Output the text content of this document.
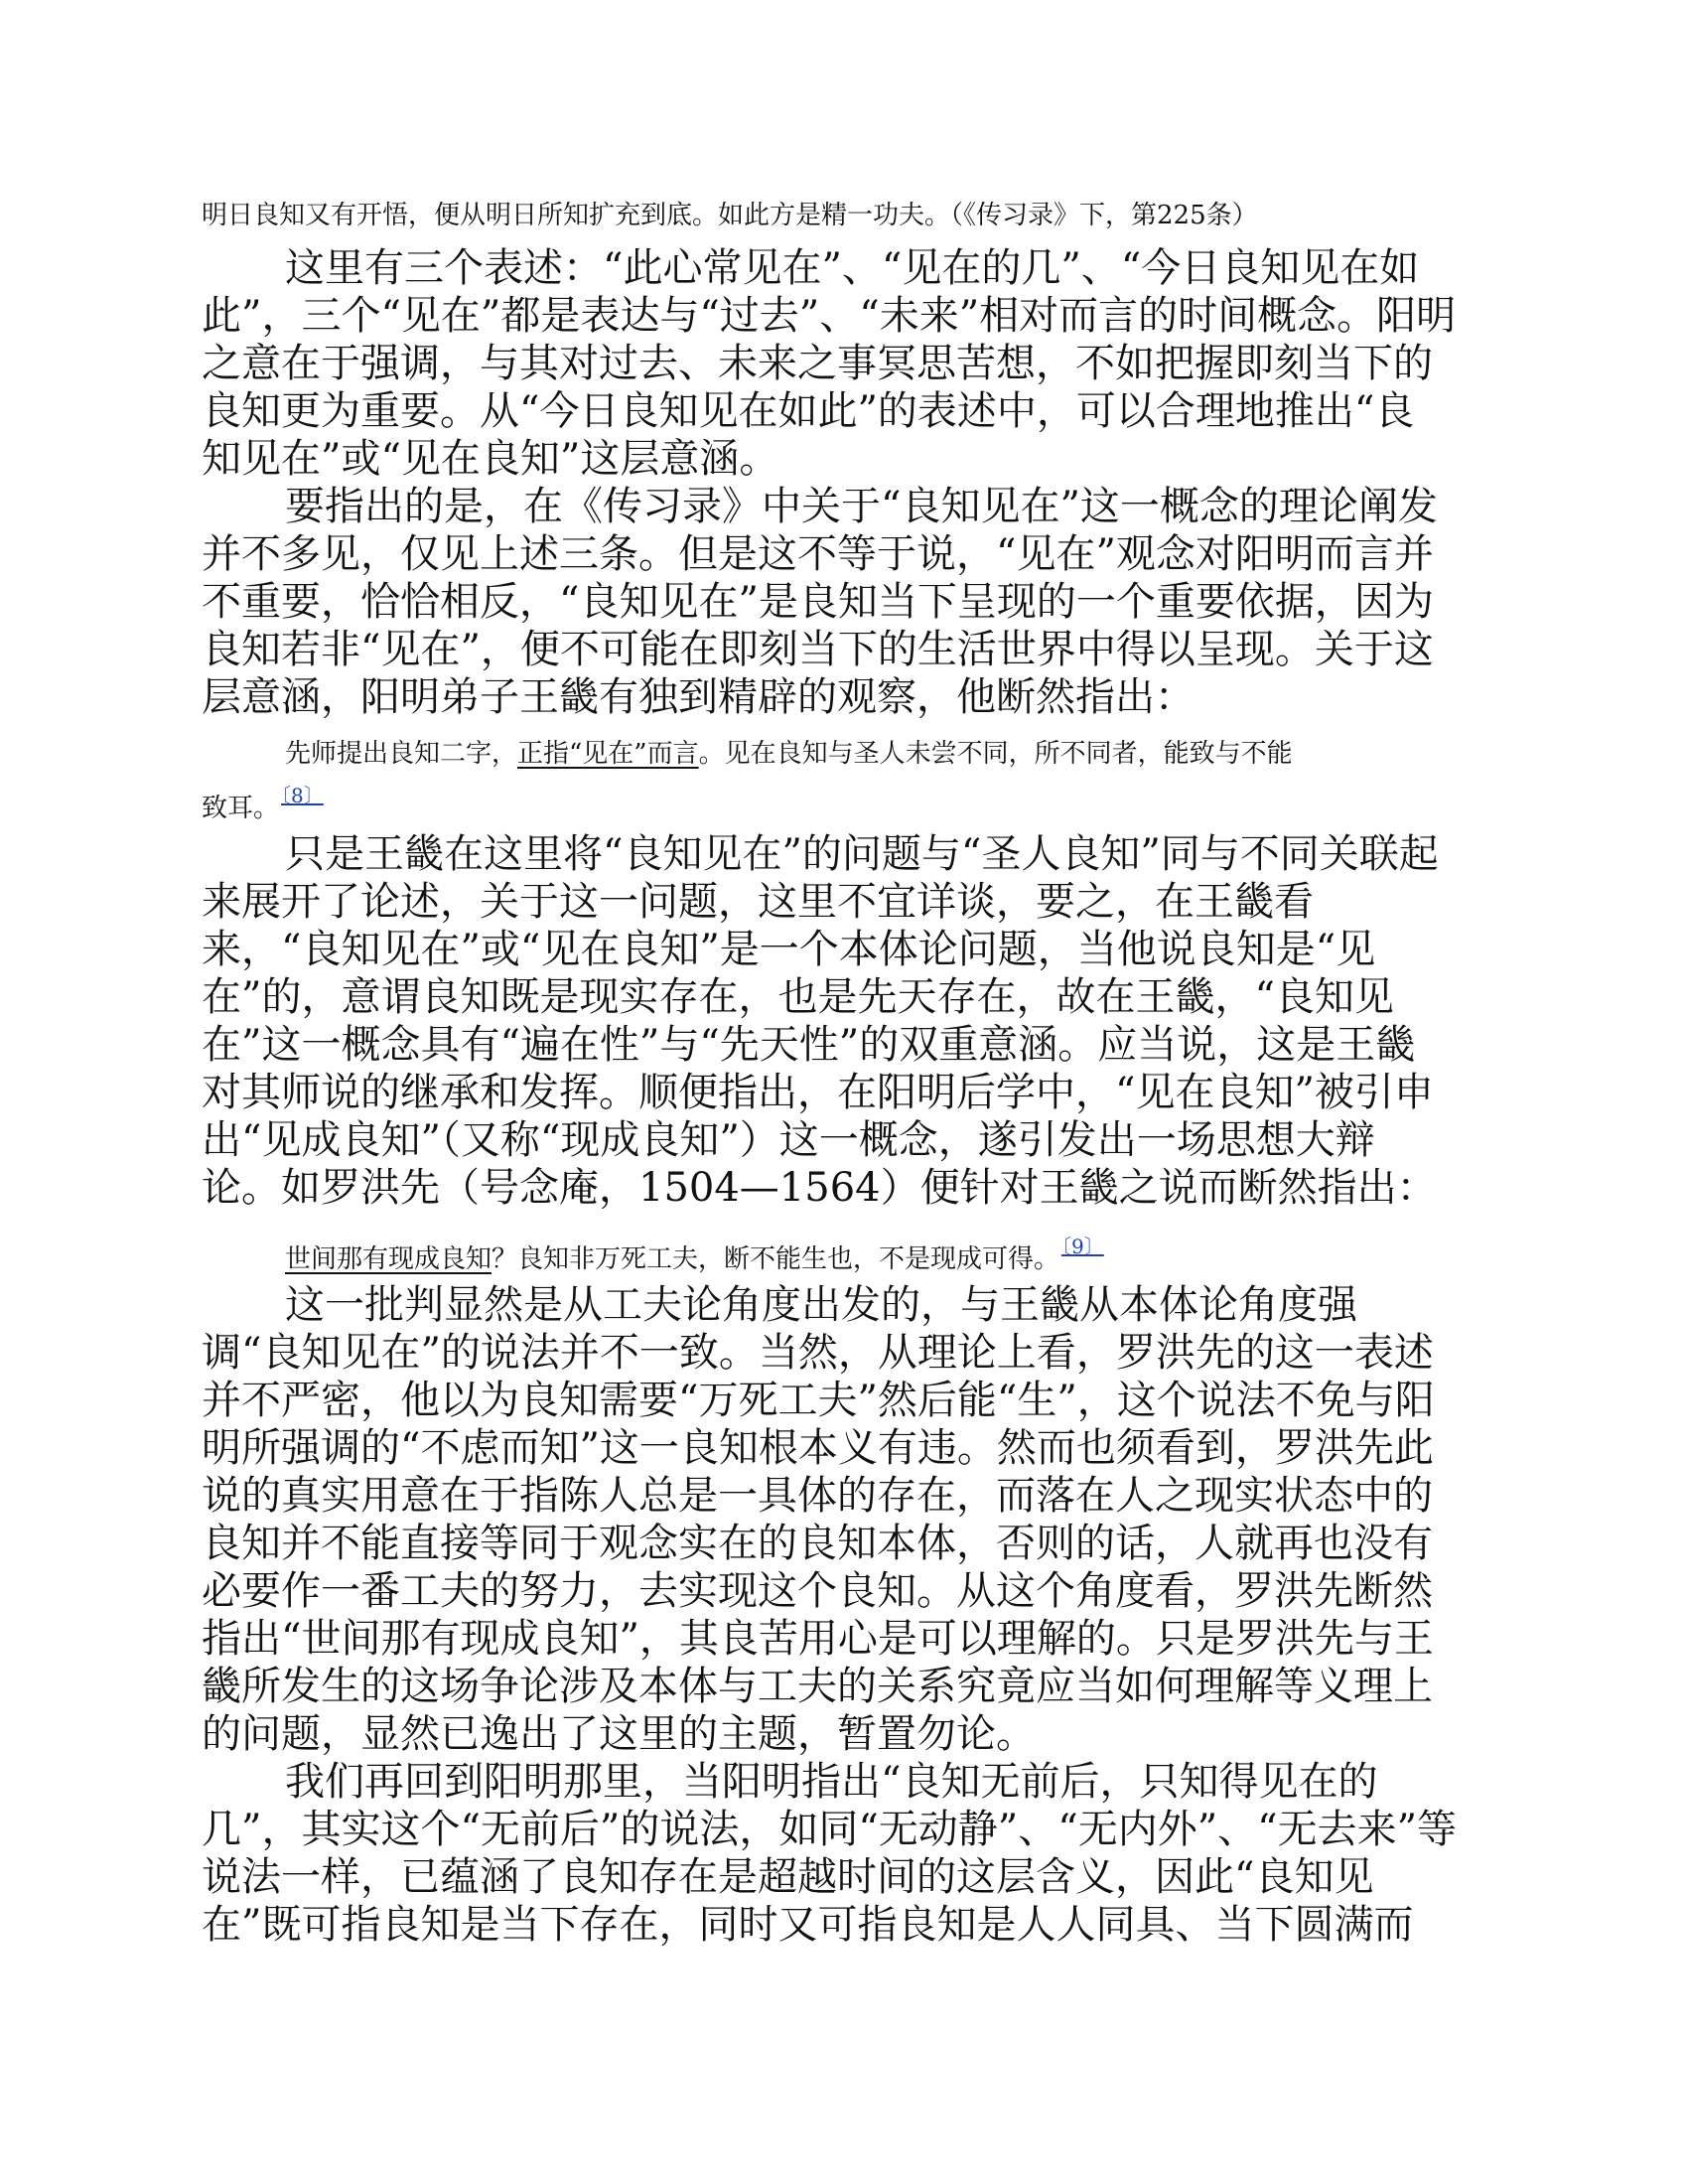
明日良知又有开悟，便从明日所知扩充到底。如此方是精一功夫。（《传习录》下，第225条）
这里有三个表述：“此心常见在”、“见在的几”、“今日良知见在如
此”，三个“见在”都是表达与“过去”、“未来”相对而言的时间概念。阳明
之意在于强调，与其对过去、未来之事冥思苦想，不如把握即刻当下的
良知更为重要。从“今日良知见在如此”的表述中，可以合理地推出“良
知见在”或“见在良知”这层意涵。
要指出的是，在《传习录》中关于“良知见在”这一概念的理论阐发
并不多见，仅见上述三条。但是这不等于说，“见在”观念对阳明而言并
不重要，恰恰相反，“良知见在”是良知当下呈现的一个重要依据，因为
良知若非“见在”，便不可能在即刻当下的生活世界中得以呈现。关于这
层意涵，阳明弟子王畿有独到精辟的观察，他断然指出：
先师提出良知二字，正指“见在”而言。见在良知与圣人未尝不同，所不同者，能致与不能
致耳。 $^{〔8〕}$
只是王畿在这里将“良知见在”的问题与“圣人良知”同与不同关联起
来展开了论述，关于这一问题，这里不宜详谈，要之，在王畿看
来，“良知见在”或“见在良知”是一个本体论问题，当他说良知是“见
在”的，意谓良知既是现实存在，也是先天存在，故在王畿，“良知见
在”这一概念具有“遍在性”与“先天性”的双重意涵。应当说，这是王畿
对其师说的继承和发挥。顺便指出，在阳明后学中，“见在良知”被引申
出“见成良知”（又称“现成良知”）这一概念，遂引发出一场思想大辩
论。如罗洪先（号念庵，1504—1564）便针对王畿之说而断然指出：
世间那有现成良知？良知非万死工夫，断不能生也，不是现成可得。 $^{〔9〕}$
这一批判显然是从工夫论角度出发的，与王畿从本体论角度强
调“良知见在”的说法并不一致。当然，从理论上看，罗洪先的这一表述
并不严密，他以为良知需要“万死工夫”然后能“生”，这个说法不免与阳
明所强调的“不虑而知”这一良知根本义有违。然而也须看到，罗洪先此
说的真实用意在于指陈人总是一具体的存在，而落在人之现实状态中的
良知并不能直接等同于观念实在的良知本体，否则的话，人就再也没有
必要作一番工夫的努力，去实现这个良知。从这个角度看，罗洪先断然
指出“世间那有现成良知”，其良苦用心是可以理解的。只是罗洪先与王
畿所发生的这场争论涉及本体与工夫的关系究竟应当如何理解等义理上
的问题，显然已逸出了这里的主题，暂置勿论。
我们再回到阳明那里，当阳明指出“良知无前后，只知得见在的
几”，其实这个“无前后”的说法，如同“无动静”、“无内外”、“无去来”等
说法一样，已蕴涵了良知存在是超越时间的这层含义，因此“良知见
在”既可指良知是当下存在，同时又可指良知是人人同具、当下圆满而
